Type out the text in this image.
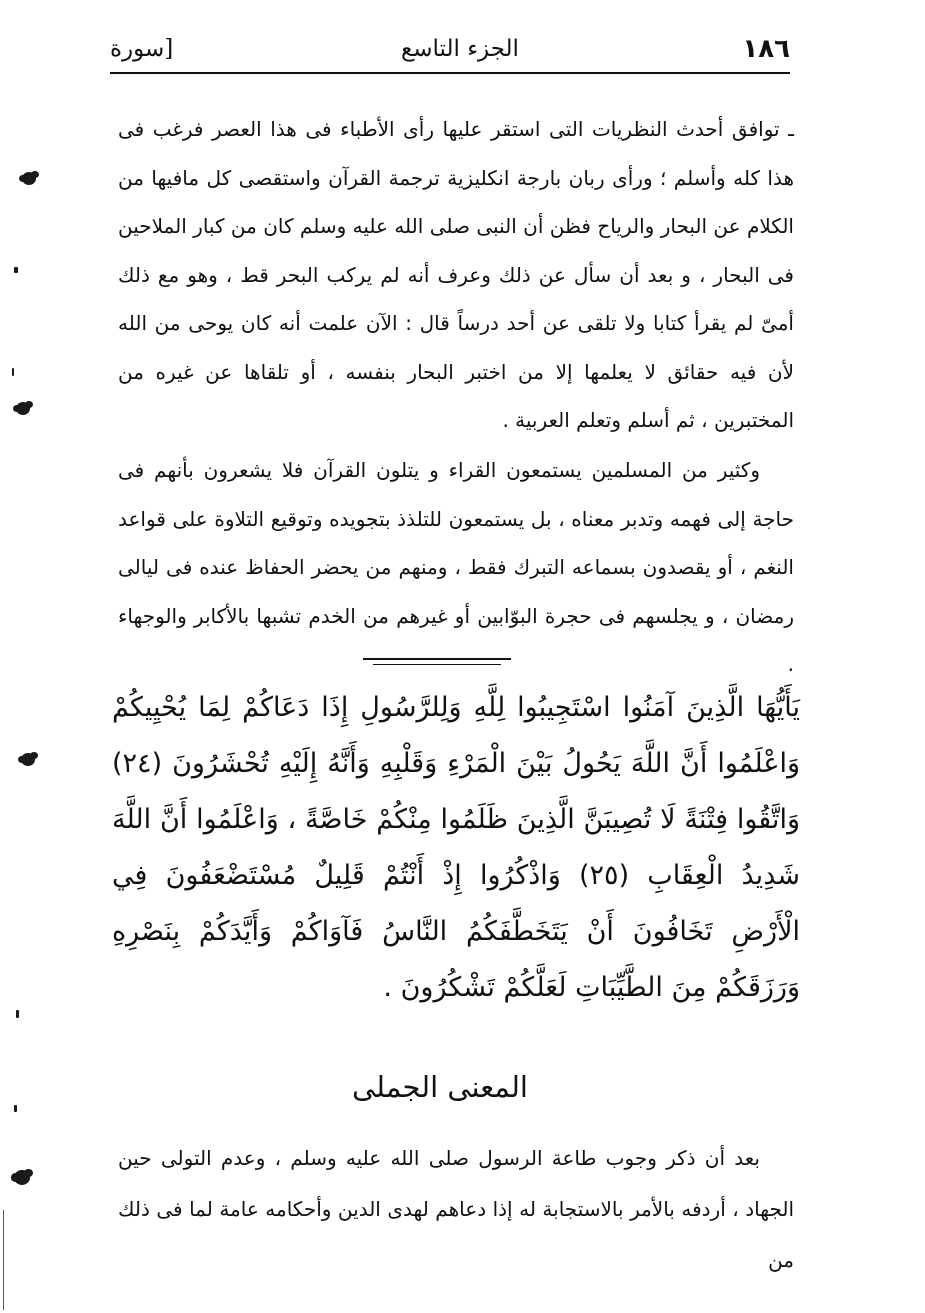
١٨٦
الجزء التاسع
[سورة

ـ توافق أحدث النظريات التى استقر عليها رأى الأطباء فى هذا العصر فرغب فى هذا كله وأسلم ؛ ورأى ربان بارجة انكليزية ترجمة القرآن واستقصى كل مافيها من الكلام عن البحار والرياح فظن أن النبى صلى الله عليه وسلم كان من كبار الملاحين فى البحار ، و بعد أن سأل عن ذلك وعرف أنه لم يركب البحر قط ، وهو مع ذلك أمىّ لم يقرأ كتابا ولا تلقى عن أحد درساً قال : الآن علمت أنه كان يوحى من الله لأن فيه حقائق لا يعلمها إلا من اختبر البحار بنفسه ، أو تلقاها عن غيره من المختبرين ، ثم أسلم وتعلم العربية .

وكثير من المسلمين يستمعون القراء و يتلون القرآن فلا يشعرون بأنهم فى حاجة إلى فهمه وتدبر معناه ، بل يستمعون للتلذذ بتجويده وتوقيع التلاوة على قواعد النغم ، أو يقصدون بسماعه التبرك فقط ، ومنهم من يحضر الحفاظ عنده فى ليالى رمضان ، و يجلسهم فى حجرة البوّابين أو غيرهم من الخدم تشبها بالأكابر والوجهاء .

يَأَيُّهَا الَّذِينَ آمَنُوا اسْتَجِيبُوا لِلَّهِ وَلِلرَّسُولِ إِذَا دَعَاكُمْ لِمَا يُحْيِيكُمْ وَاعْلَمُوا أَنَّ اللَّهَ يَحُولُ بَيْنَ الْمَرْءِ وَقَلْبِهِ وَأَنَّهُ إِلَيْهِ تُحْشَرُونَ (٢٤) وَاتَّقُوا فِتْنَةً لَا تُصِيبَنَّ الَّذِينَ ظَلَمُوا مِنْكُمْ خَاصَّةً ، وَاعْلَمُوا أَنَّ اللَّهَ شَدِيدُ الْعِقَابِ (٢٥) وَاذْكُرُوا إِذْ أَنْتُمْ قَلِيلٌ مُسْتَضْعَفُونَ فِي الْأَرْضِ تَخَافُونَ أَنْ يَتَخَطَّفَكُمُ النَّاسُ فَآوَاكُمْ وَأَيَّدَكُمْ بِنَصْرِهِ وَرَزَقَكُمْ مِنَ الطَّيِّبَاتِ لَعَلَّكُمْ تَشْكُرُونَ .

المعنى الجملى

بعد أن ذكر وجوب طاعة الرسول صلى الله عليه وسلم ، وعدم التولى حين الجهاد ، أردفه بالأمر بالاستجابة له إذا دعاهم لهدى الدين وأحكامه عامة لما فى ذلك من
